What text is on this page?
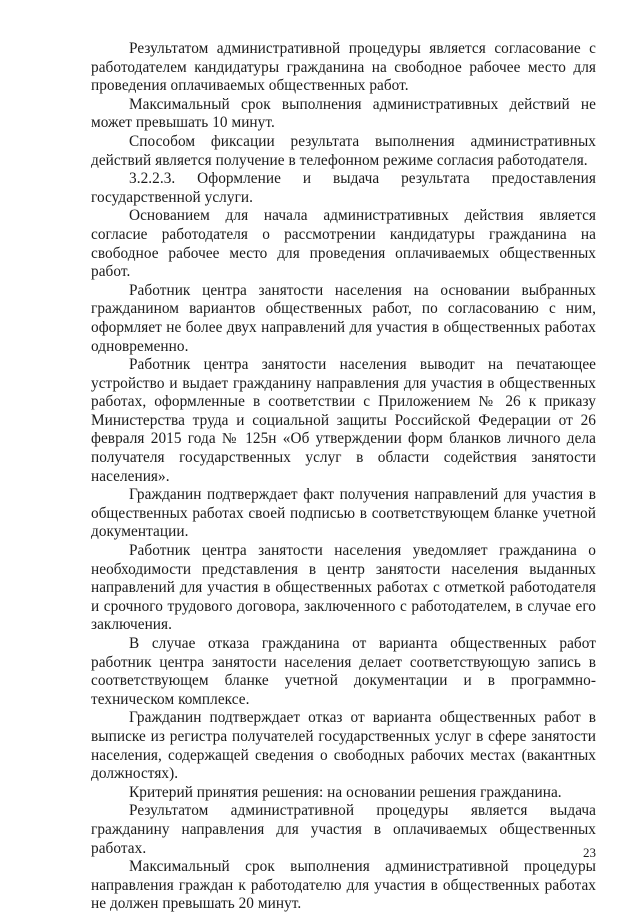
Результатом административной процедуры является согласование с работодателем кандидатуры гражданина на свободное рабочее место для проведения оплачиваемых общественных работ.

Максимальный срок выполнения административных действий не может превышать 10 минут.

Способом фиксации результата выполнения административных действий является получение в телефонном режиме согласия работодателя.

3.2.2.3. Оформление и выдача результата предоставления государственной услуги.

Основанием для начала административных действия является согласие работодателя о рассмотрении кандидатуры гражданина на свободное рабочее место для проведения оплачиваемых общественных работ.

Работник центра занятости населения на основании выбранных гражданином вариантов общественных работ, по согласованию с ним, оформляет не более двух направлений для участия в общественных работах одновременно.

Работник центра занятости населения выводит на печатающее устройство и выдает гражданину направления для участия в общественных работах, оформленные в соответствии с Приложением № 26 к приказу Министерства труда и социальной защиты Российской Федерации от 26 февраля 2015 года № 125н «Об утверждении форм бланков личного дела получателя государственных услуг в области содействия занятости населения».

Гражданин подтверждает факт получения направлений для участия в общественных работах своей подписью в соответствующем бланке учетной документации.

Работник центра занятости населения уведомляет гражданина о необходимости представления в центр занятости населения выданных направлений для участия в общественных работах с отметкой работодателя и срочного трудового договора, заключенного с работодателем, в случае его заключения.

В случае отказа гражданина от варианта общественных работ работник центра занятости населения делает соответствующую запись в соответствующем бланке учетной документации и в программно-техническом комплексе.

Гражданин подтверждает отказ от варианта общественных работ в выписке из регистра получателей государственных услуг в сфере занятости населения, содержащей сведения о свободных рабочих местах (вакантных должностях).

Критерий принятия решения: на основании решения гражданина.

Результатом административной процедуры является выдача гражданину направления для участия в оплачиваемых общественных работах.

Максимальный срок выполнения административной процедуры направления граждан к работодателю для участия в общественных работах не должен превышать 20 минут.

23
